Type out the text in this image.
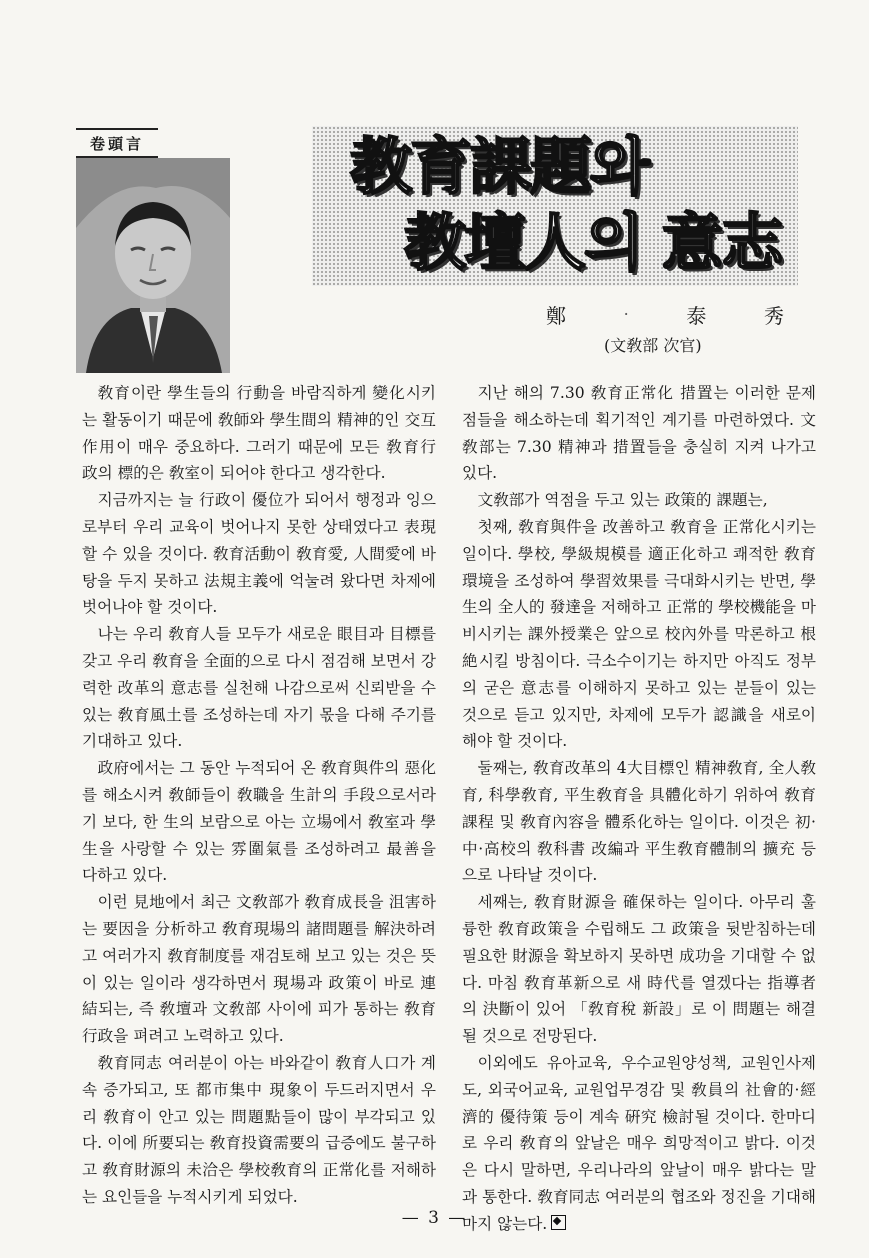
卷頭言	教育課題와
教壇人의 意志
鄭	.	泰	秀
(文敎部 次官)

敎育이란 學生들의 行動을 바람직하게 變化시키는 활동이기 때문에 敎師와 學生間의 精神的인 交互作用이 매우 중요하다. 그러기 때문에 모든 敎育行政의 標的은 敎室이 되어야 한다고 생각한다.

지금까지는 늘 行政이 優位가 되어서 행정과 잉으로부터 우리 교육이 벗어나지 못한 상태였다고 表現할 수 있을 것이다. 敎育活動이 敎育愛, 人間愛에 바탕을 두지 못하고 法規主義에 억눌려 왔다면 차제에 벗어나야 할 것이다.

나는 우리 敎育人들 모두가 새로운 眼目과 目標를 갖고 우리 敎育을 全面的으로 다시 점검해 보면서 강력한 改革의 意志를 실천해 나감으로써 신뢰받을 수 있는 敎育風土를 조성하는데 자기 몫을 다해 주기를 기대하고 있다.

政府에서는 그 동안 누적되어 온 敎育與件의 惡化를 해소시켜 敎師들이 敎職을 生計의 手段으로서라기 보다, 한 生의 보람으로 아는 立場에서 敎室과 學生을 사랑할 수 있는 雰圍氣를 조성하려고 最善을 다하고 있다.

이런 見地에서 최근 文敎部가 敎育成長을 沮害하는 要因을 分析하고 敎育現場의 諸問題를 解決하려고 여러가지 敎育制度를 재검토해 보고 있는 것은 뜻이 있는 일이라 생각하면서 現場과 政策이 바로 連結되는, 즉 敎壇과 文敎部 사이에 피가 통하는 敎育行政을 펴려고 노력하고 있다.

敎育同志 여러분이 아는 바와같이 敎育人口가 계속 증가되고, 또 都市集中 現象이 두드러지면서 우리 敎育이 안고 있는 問題點들이 많이 부각되고 있다. 이에 所要되는 敎育投資需要의 급증에도 불구하고 敎育財源의 未洽은 學校敎育의 正常化를 저해하는 요인들을 누적시키게 되었다.

지난 해의 7.30 敎育正常化 措置는 이러한 문제점들을 해소하는데 획기적인 계기를 마련하였다. 文敎部는 7.30 精神과 措置들을 충실히 지켜 나가고 있다.

文敎部가 역점을 두고 있는 政策的 課題는,

첫째, 敎育與件을 改善하고 敎育을 正常化시키는 일이다. 學校, 學級規模를 適正化하고 쾌적한 敎育環境을 조성하여 學習效果를 극대화시키는 반면, 學生의 全人的 發達을 저해하고 正常的 學校機能을 마비시키는 課外授業은 앞으로 校內外를 막론하고 根絶시킬 방침이다. 극소수이기는 하지만 아직도 정부의 굳은 意志를 이해하지 못하고 있는 분들이 있는 것으로 듣고 있지만, 차제에 모두가 認識을 새로이 해야 할 것이다.

둘째는, 敎育改革의 4大目標인 精神敎育, 全人敎育, 科學敎育, 平生敎育을 具體化하기 위하여 敎育課程 및 敎育內容을 體系化하는 일이다. 이것은 初·中·高校의 敎科書 改編과 平生敎育體制의 擴充 등으로 나타날 것이다.

세째는, 敎育財源을 確保하는 일이다. 아무리 훌륭한 敎育政策을 수립해도 그 政策을 뒷받침하는데 필요한 財源을 확보하지 못하면 成功을 기대할 수 없다. 마침 敎育革新으로 새 時代를 열겠다는 指導者의 決斷이 있어 「敎育稅 新設」로 이 問題는 해결될 것으로 전망된다.

이외에도 유아교육, 우수교원양성책, 교원인사제도, 외국어교육, 교원업무경감 및 敎員의 社會的·經濟的 優待策 등이 계속 硏究 檢討될 것이다. 한마디로 우리 敎育의 앞날은 매우 희망적이고 밝다. 이것은 다시 말하면, 우리나라의 앞날이 매우 밝다는 말과 통한다. 敎育同志 여러분의 협조와 정진을 기대해 마지 않는다.

— 3 —
